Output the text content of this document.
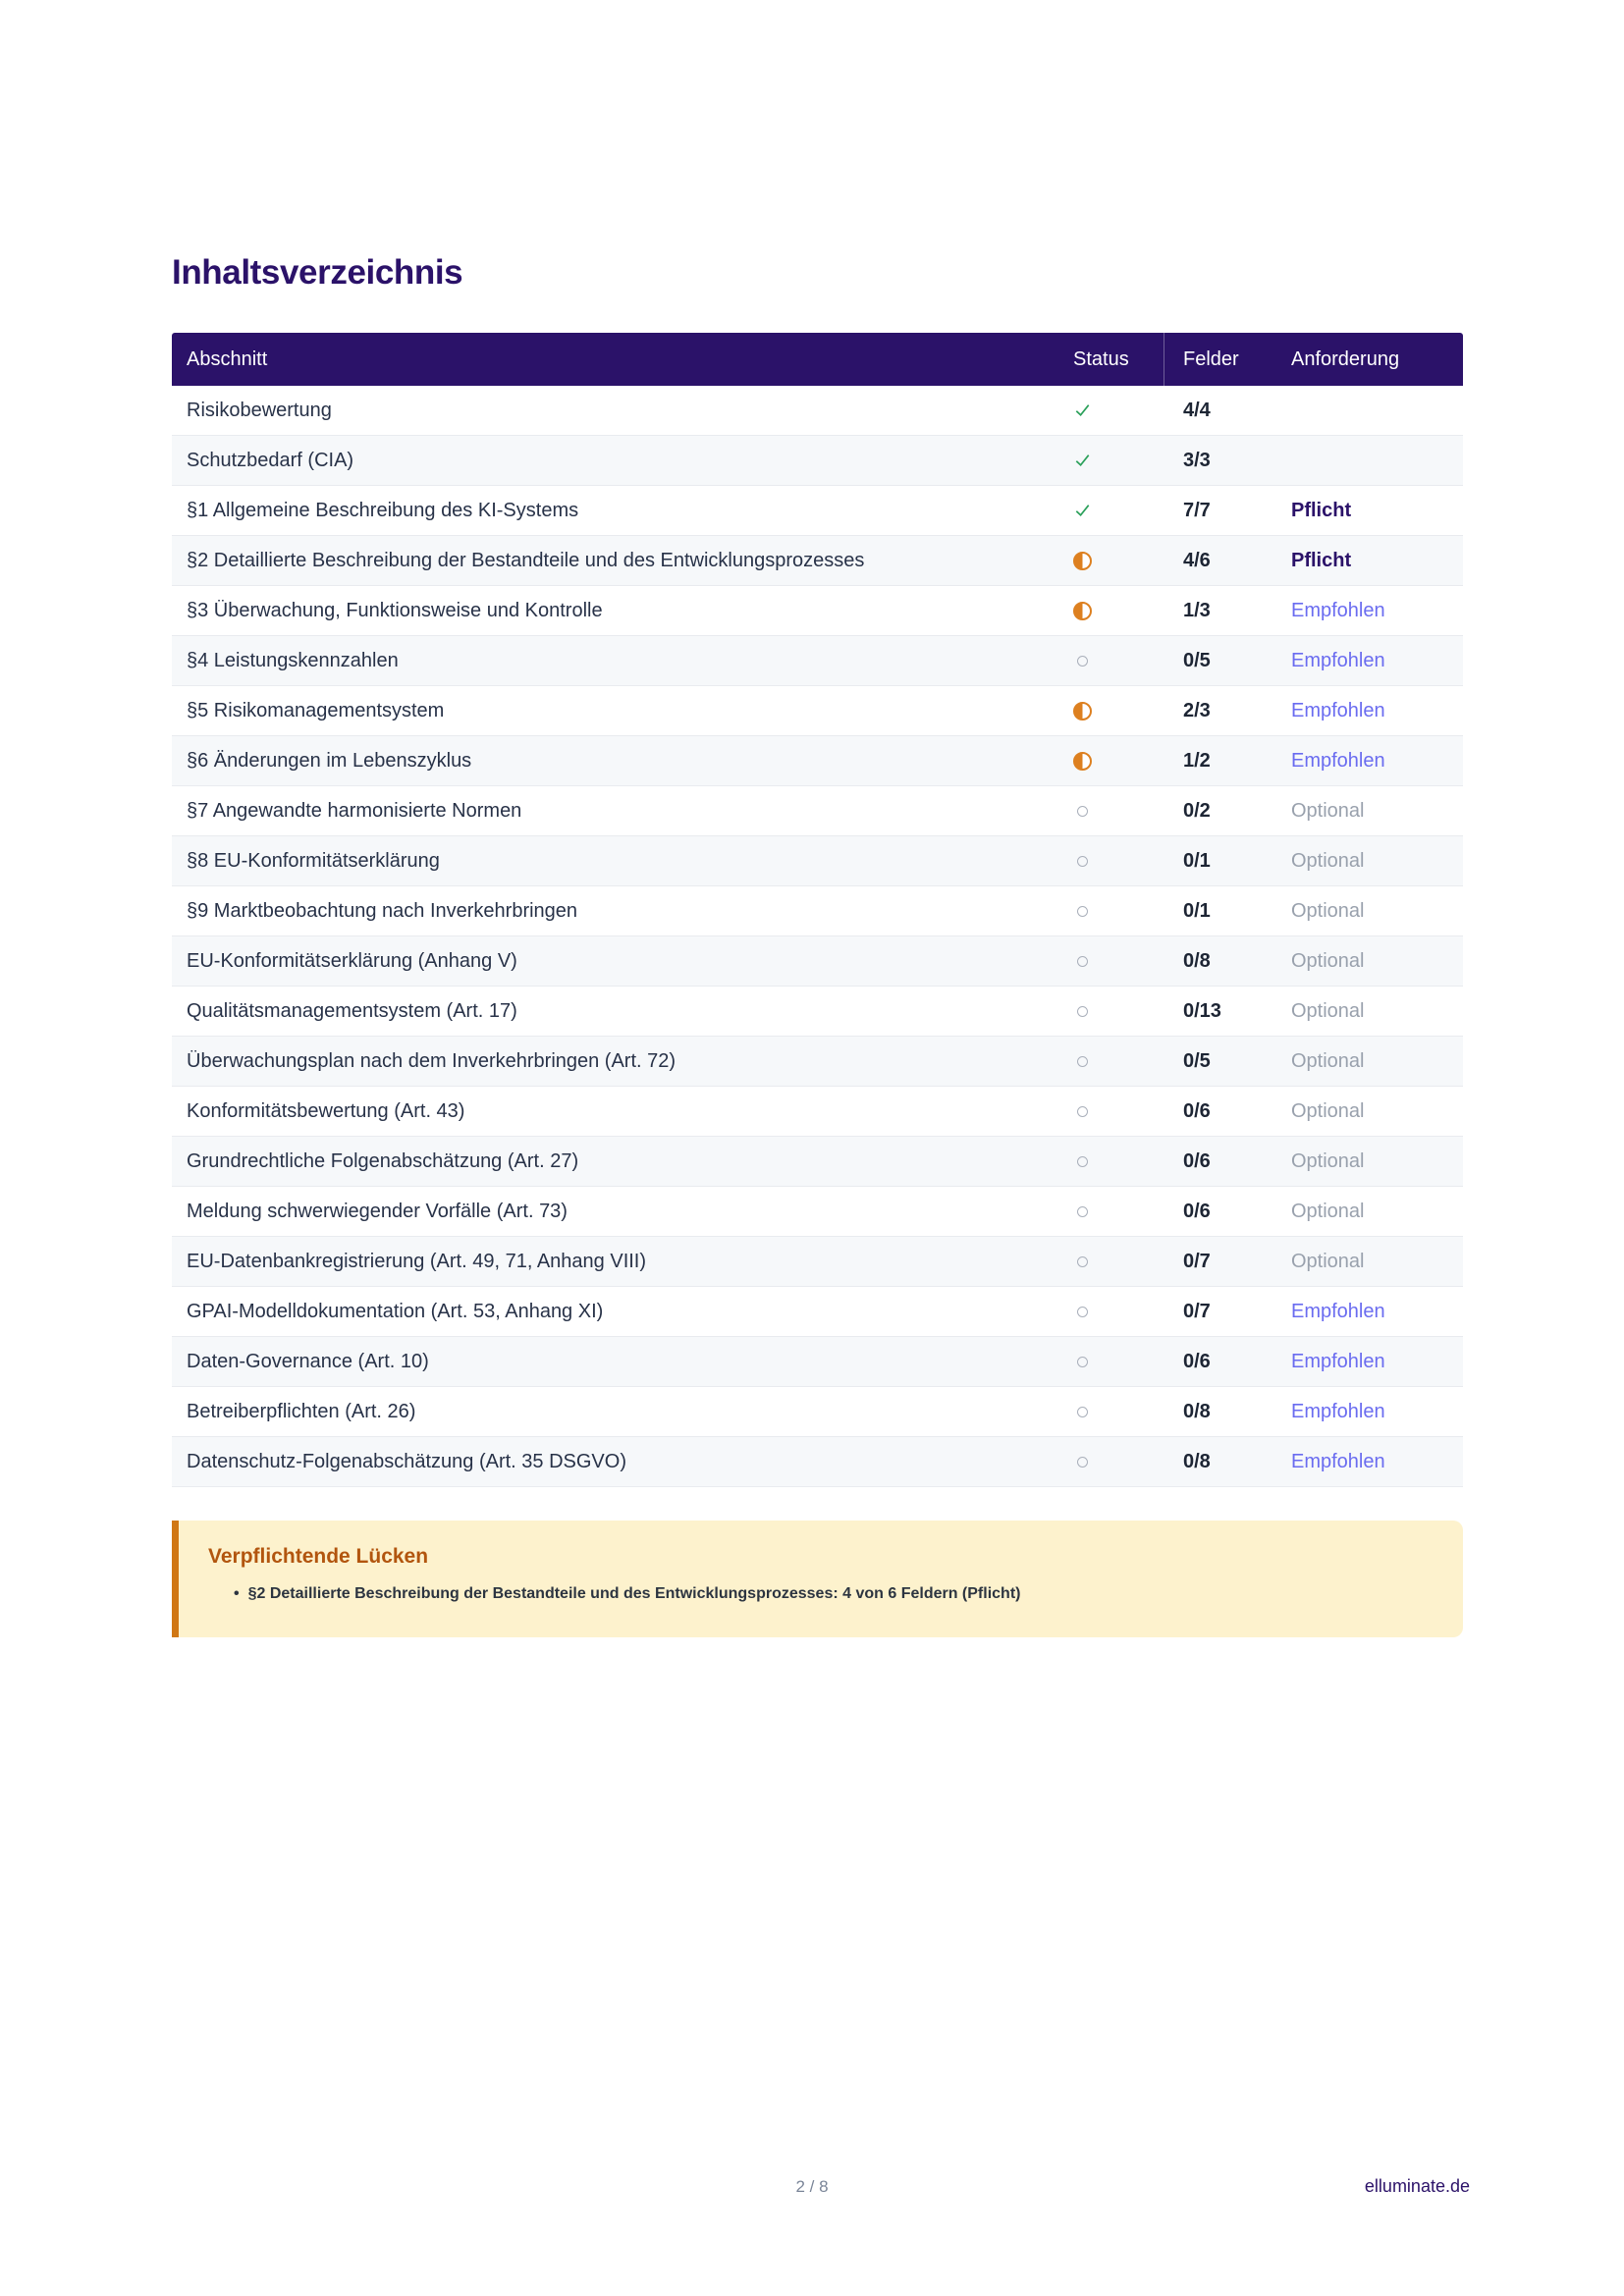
Inhaltsverzeichnis
Abschnitt	Status	Felder	Anforderung
Risikobewertung	4/4
Schutzbedarf (CIA)	3/3
§1 Allgemeine Beschreibung des KI-Systems	7/7	Pflicht
§2 Detaillierte Beschreibung der Bestandteile und des Entwicklungsprozesses	4/6	Pflicht
§3 Überwachung, Funktionsweise und Kontrolle	1/3	Empfohlen
§4 Leistungskennzahlen	0/5	Empfohlen
§5 Risikomanagementsystem	2/3	Empfohlen
§6 Änderungen im Lebenszyklus	1/2	Empfohlen
§7 Angewandte harmonisierte Normen	0/2	Optional
§8 EU-Konformitätserklärung	0/1	Optional
§9 Marktbeobachtung nach Inverkehrbringen	0/1	Optional
EU-Konformitätserklärung (Anhang V)	0/8	Optional
Qualitätsmanagementsystem (Art. 17)	0/13	Optional
Überwachungsplan nach dem Inverkehrbringen (Art. 72)	0/5	Optional
Konformitätsbewertung (Art. 43)	0/6	Optional
Grundrechtliche Folgenabschätzung (Art. 27)	0/6	Optional
Meldung schwerwiegender Vorfälle (Art. 73)	0/6	Optional
EU-Datenbankregistrierung (Art. 49, 71, Anhang VIII)	0/7	Optional
GPAI-Modelldokumentation (Art. 53, Anhang XI)	0/7	Empfohlen
Daten-Governance (Art. 10)	0/6	Empfohlen
Betreiberpflichten (Art. 26)	0/8	Empfohlen
Datenschutz-Folgenabschätzung (Art. 35 DSGVO)	0/8	Empfohlen
Verpflichtende Lücken
• §2 Detaillierte Beschreibung der Bestandteile und des Entwicklungsprozesses: 4 von 6 Feldern (Pflicht)
2 / 8	elluminate.de
